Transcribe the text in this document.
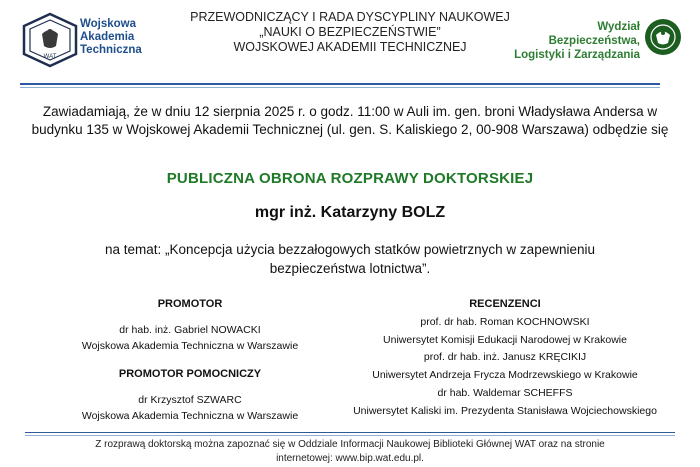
WAT
Wojskowa
Akademia
Techniczna
PRZEWODNICZĄCY I RADA DYSCYPLINY NAUKOWEJ
„NAUKI O BEZPIECZEŃSTWIE”
WOJSKOWEJ AKADEMII TECHNICZNEJ
Wydział
Bezpieczeństwa,
Logistyki i Zarządzania
Zawiadamiają, że w dniu 12 sierpnia 2025 r. o godz. 11:00 w Auli im. gen. broni Władysława Andersa w budynku 135 w Wojskowej Akademii Technicznej (ul. gen. S. Kaliskiego 2, 00-908 Warszawa) odbędzie się
PUBLICZNA OBRONA ROZPRAWY DOKTORSKIEJ
mgr inż. Katarzyny BOLZ
na temat: „Koncepcja użycia bezzałogowych statków powietrznych w zapewnieniu bezpieczeństwa lotnictwa”.
PROMOTOR
dr hab. inż. Gabriel NOWACKI
Wojskowa Akademia Techniczna w Warszawie
PROMOTOR POMOCNICZY
dr Krzysztof SZWARC
Wojskowa Akademia Techniczna w Warszawie
RECENZENCI
prof. dr hab. Roman KOCHNOWSKI
Uniwersytet Komisji Edukacji Narodowej w Krakowie
prof. dr hab. inż. Janusz KRĘCIKIJ
Uniwersytet Andrzeja Frycza Modrzewskiego w Krakowie
dr hab. Waldemar SCHEFFS
Uniwersytet Kaliski im. Prezydenta Stanisława Wojciechowskiego
Z rozprawą doktorską można zapoznać się w Oddziale Informacji Naukowej Biblioteki Głównej WAT oraz na stronie
internetowej: www.bip.wat.edu.pl.
